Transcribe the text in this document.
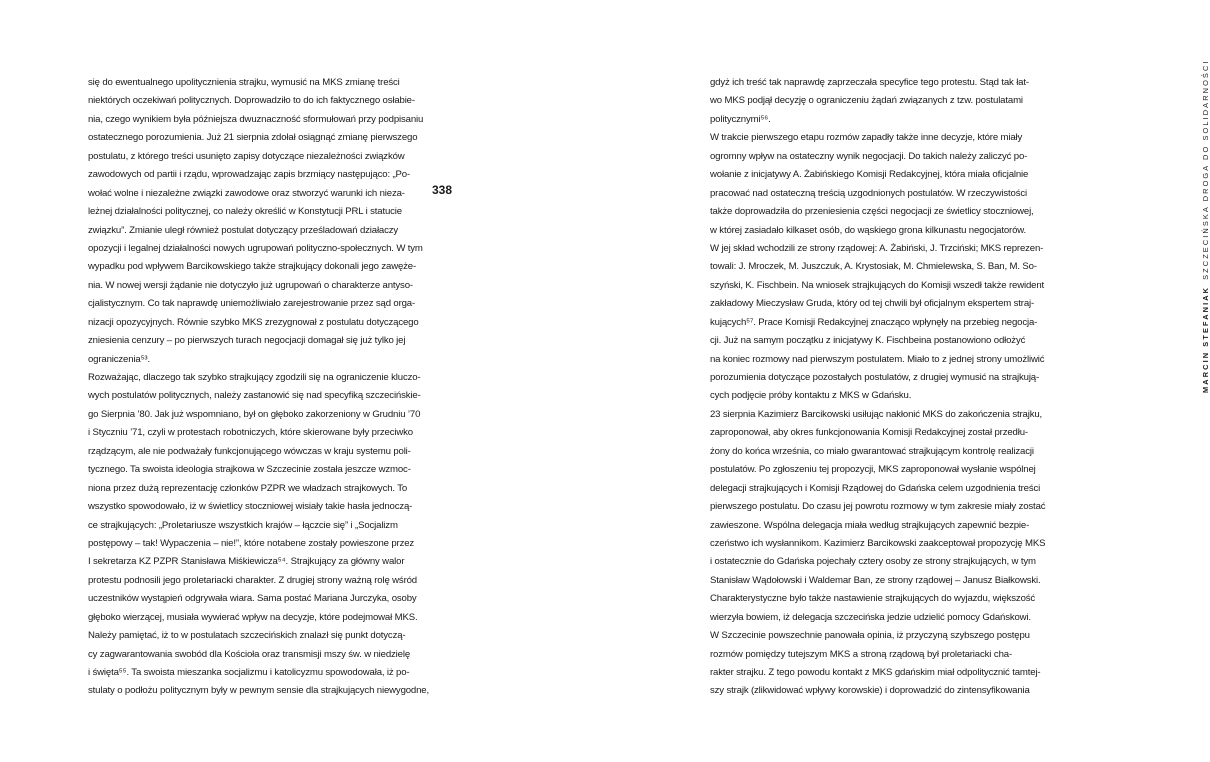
się do ewentualnego upolitycznienia strajku, wymusić na MKS zmianę treści
niektórych oczekiwań politycznych. Doprowadziło to do ich faktycznego osłabie-
nia, czego wynikiem była późniejsza dwuznaczność sformułowań przy podpisaniu
ostatecznego porozumienia. Już 21 sierpnia zdołał osiągnąć zmianę pierwszego
postulatu, z którego treści usunięto zapisy dotyczące niezależności związków
zawodowych od partii i rządu, wprowadzając zapis brzmiący następująco: „Po-
wołać wolne i niezależne związki zawodowe oraz stworzyć warunki ich nieza-
leżnej działalności politycznej, co należy określić w Konstytucji PRL i statucie
związku”. Zmianie uległ również postulat dotyczący prześladowań działaczy
opozycji i legalnej działalności nowych ugrupowań polityczno-społecznych. W tym
wypadku pod wpływem Barcikowskiego także strajkujący dokonali jego zawęże-
nia. W nowej wersji żądanie nie dotyczyło już ugrupowań o charakterze antyso-
cjalistycznym. Co tak naprawdę uniemożliwiało zarejestrowanie przez sąd orga-
nizacji opozycyjnych. Równie szybko MKS zrezygnował z postulatu dotyczącego
zniesienia cenzury – po pierwszych turach negocjacji domagał się już tylko jej
ograniczenia⁵³.
Rozważając, dlaczego tak szybko strajkujący zgodzili się na ograniczenie kluczo-
wych postulatów politycznych, należy zastanowić się nad specyfiką szczecińskie-
go Sierpnia ’80. Jak już wspomniano, był on głęboko zakorzeniony w Grudniu ’70
i Styczniu ’71, czyli w protestach robotniczych, które skierowane były przeciwko
rządzącym, ale nie podważały funkcjonującego wówczas w kraju systemu poli-
tycznego. Ta swoista ideologia strajkowa w Szczecinie została jeszcze wzmoc-
niona przez dużą reprezentację członków PZPR we władzach strajkowych. To
wszystko spowodowało, iż w świetlicy stoczniowej wisiały takie hasła jednoczą-
ce strajkujących: „Proletariusze wszystkich krajów – łączcie się” i „Socjalizm
postępowy – tak! Wypaczenia – nie!”, które notabene zostały powieszone przez
I sekretarza KZ PZPR Stanisława Miśkiewicza⁵⁴. Strajkujący za główny walor
protestu podnosili jego proletariacki charakter. Z drugiej strony ważną rolę wśród
uczestników wystąpień odgrywała wiara. Sama postać Mariana Jurczyka, osoby
głęboko wierzącej, musiała wywierać wpływ na decyzje, które podejmował MKS.
Należy pamiętać, iż to w postulatach szczecińskich znalazł się punkt dotyczą-
cy zagwarantowania swobód dla Kościoła oraz transmisji mszy św. w niedzielę
i święta⁵⁵. Ta swoista mieszanka socjalizmu i katolicyzmu spowodowała, iż po-
stulaty o podłożu politycznym były w pewnym sensie dla strajkujących niewygodne,
338
MARCIN STEFANIAKSZCZECIŃSKA DROGA DO SOLIDARNOŚCI
gdyż ich treść tak naprawdę zaprzeczała specyfice tego protestu. Stąd tak łat-
wo MKS podjął decyzję o ograniczeniu żądań związanych z tzw. postulatami
politycznymi⁵⁶.
W trakcie pierwszego etapu rozmów zapadły także inne decyzje, które miały
ogromny wpływ na ostateczny wynik negocjacji. Do takich należy zaliczyć po-
wołanie z inicjatywy A. Żabińskiego Komisji Redakcyjnej, która miała oficjalnie
pracować nad ostateczną treścią uzgodnionych postulatów. W rzeczywistości
także doprowadziła do przeniesienia części negocjacji ze świetlicy stoczniowej,
w której zasiadało kilkaset osób, do wąskiego grona kilkunastu negocjatorów.
W jej skład wchodzili ze strony rządowej: A. Żabiński, J. Trzciński; MKS reprezen-
towali: J. Mroczek, M. Juszczuk, A. Krystosiak, M. Chmielewska, S. Ban, M. So-
szyński, K. Fischbein. Na wniosek strajkujących do Komisji wszedł także rewident
zakładowy Mieczysław Gruda, który od tej chwili był oficjalnym ekspertem straj-
kujących⁵⁷. Prace Komisji Redakcyjnej znacząco wpłynęły na przebieg negocja-
cji. Już na samym początku z inicjatywy K. Fischbeina postanowiono odłożyć
na koniec rozmowy nad pierwszym postulatem. Miało to z jednej strony umożliwić
porozumienia dotyczące pozostałych postulatów, z drugiej wymusić na strajkują-
cych podjęcie próby kontaktu z MKS w Gdańsku.
23 sierpnia Kazimierz Barcikowski usiłując nakłonić MKS do zakończenia strajku,
zaproponował, aby okres funkcjonowania Komisji Redakcyjnej został przedłu-
żony do końca września, co miało gwarantować strajkującym kontrolę realizacji
postulatów. Po zgłoszeniu tej propozycji, MKS zaproponował wysłanie wspólnej
delegacji strajkujących i Komisji Rządowej do Gdańska celem uzgodnienia treści
pierwszego postulatu. Do czasu jej powrotu rozmowy w tym zakresie miały zostać
zawieszone. Wspólna delegacja miała według strajkujących zapewnić bezpie-
czeństwo ich wysłannikom. Kazimierz Barcikowski zaakceptował propozycję MKS
i ostatecznie do Gdańska pojechały cztery osoby ze strony strajkujących, w tym
Stanisław Wądołowski i Waldemar Ban, ze strony rządowej – Janusz Białkowski.
Charakterystyczne było także nastawienie strajkujących do wyjazdu, większość
wierzyła bowiem, iż delegacja szczecińska jedzie udzielić pomocy Gdańskowi.
W Szczecinie powszechnie panowała opinia, iż przyczyną szybszego postępu
rozmów pomiędzy tutejszym MKS a stroną rządową był proletariacki cha-
rakter strajku. Z tego powodu kontakt z MKS gdańskim miał odpolitycznić tamtej-
szy strajk (zlikwidować wpływy korowskie) i doprowadzić do zintensyfikowania
